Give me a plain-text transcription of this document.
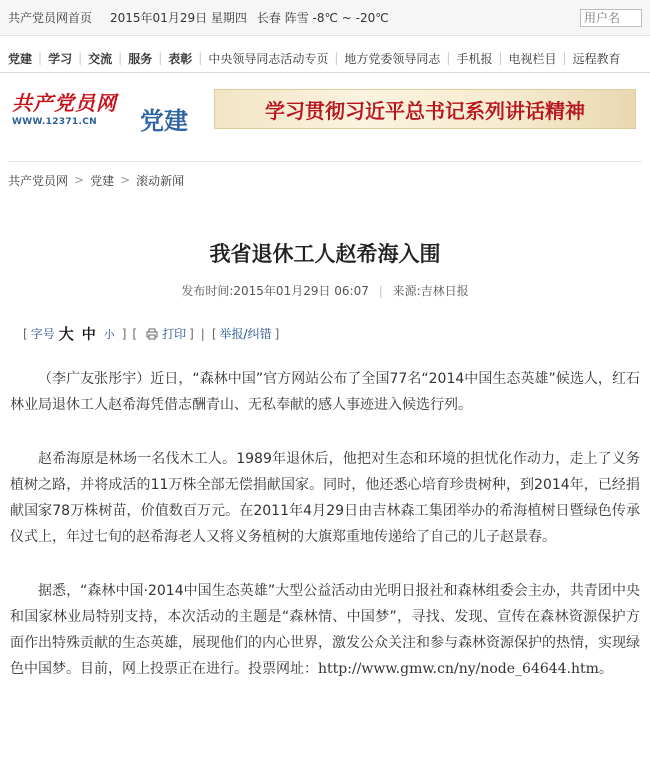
共产党员网首页 2015年01月29日 星期四 长春 阵雪 -8℃ ~ -20℃
用户名
党建 | 学习 | 交流 | 服务 | 表彰 | 中央领导同志活动专页 | 地方党委领导同志 | 手机报 | 电视栏目 | 远程教育
共产党员网
WWW.12371.CN	党建	学习贯彻习近平总书记系列讲话精神
共产党员网 > 党建 > 滚动新闻
我省退休工人赵希海入围
发布时间:2015年01月29日 06:07 | 来源:吉林日报
[ 字号 大 中 小 ] [ 打印 ] | [ 举报/纠错 ]

（李广友张彤宇）近日，“森林中国”官方网站公布了全国77名“2014中国生态英雄”候选人，红石林业局退休工人赵希海凭借志酬青山、无私奉献的感人事迹进入候选行列。

赵希海原是林场一名伐木工人。1989年退休后，他把对生态和环境的担忧化作动力，走上了义务植树之路，并将成活的11万株全部无偿捐献国家。同时，他还悉心培育珍贵树种，到2014年，已经捐献国家78万株树苗，价值数百万元。在2011年4月29日由吉林森工集团举办的希海植树日暨绿色传承仪式上，年过七旬的赵希海老人又将义务植树的大旗郑重地传递给了自己的儿子赵景春。

据悉，“森林中国·2014中国生态英雄”大型公益活动由光明日报社和森林组委会主办，共青团中央和国家林业局特别支持，本次活动的主题是“森林情、中国梦”，寻找、发现、宣传在森林资源保护方面作出特殊贡献的生态英雄，展现他们的内心世界，激发公众关注和参与森林资源保护的热情，实现绿色中国梦。目前，网上投票正在进行。投票网址：http://www.gmw.cn/ny/node_64644.htm。
